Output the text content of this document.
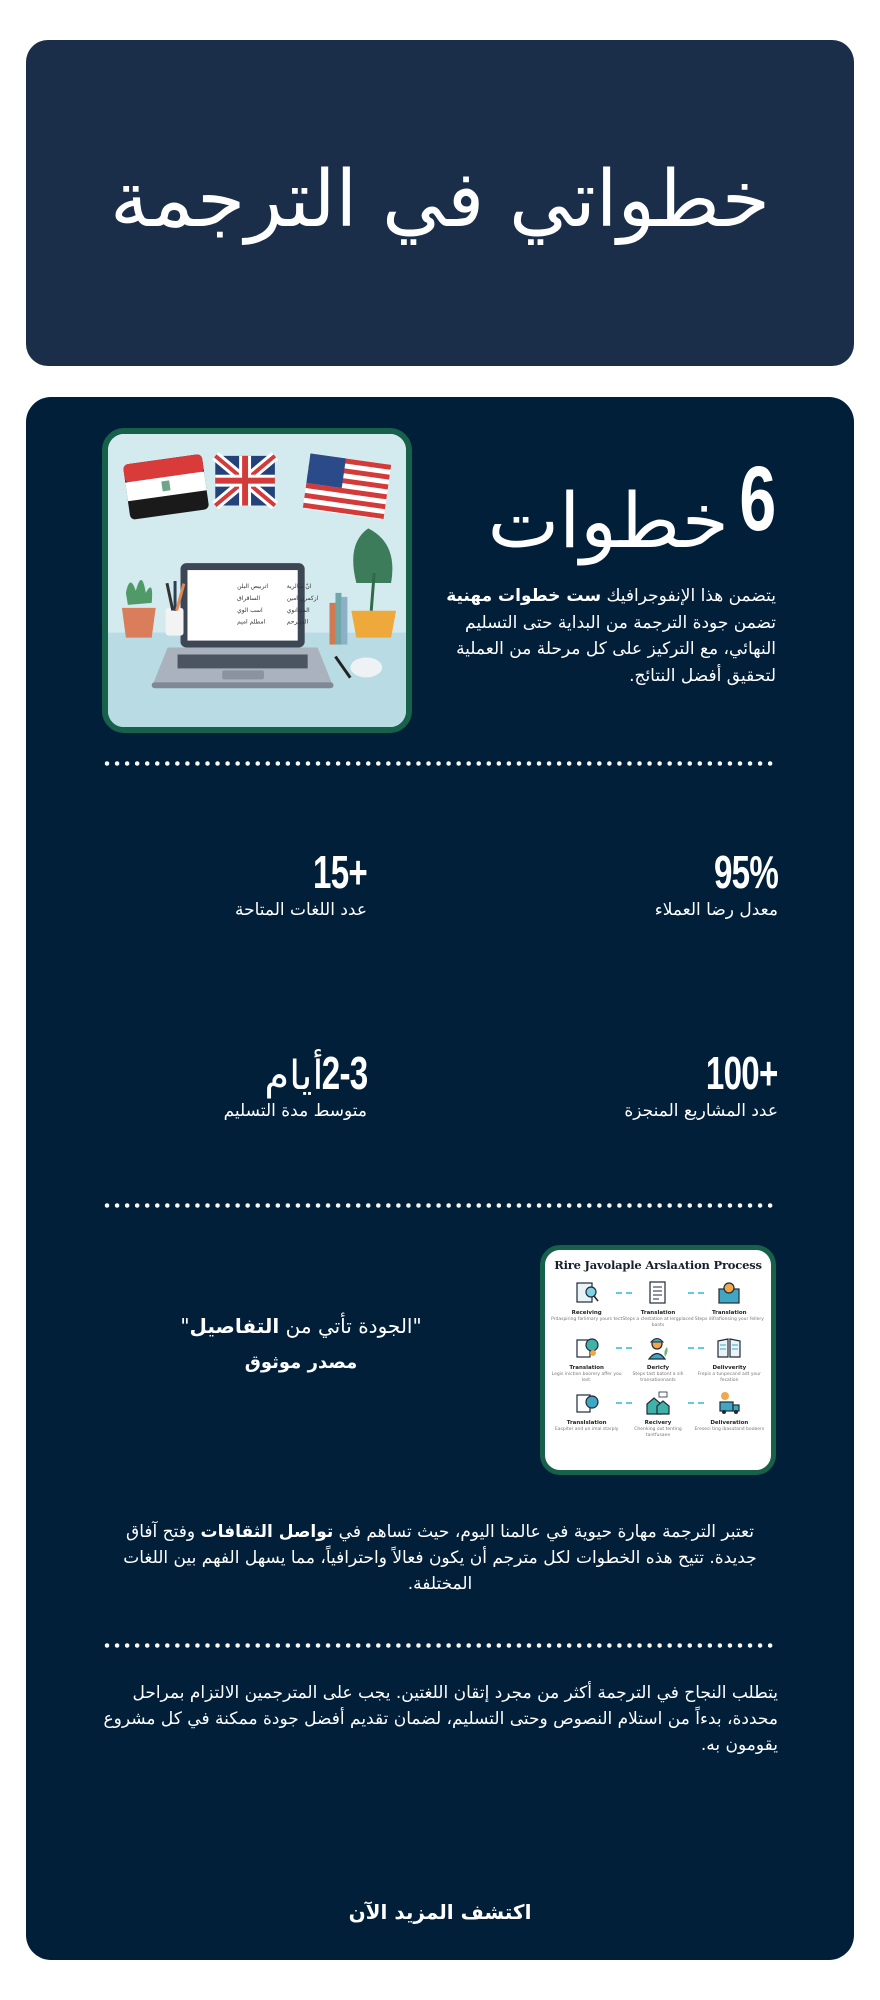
خطواتي في الترجمة
انّ مبالرية
اتربيص البلن
ازكمرن امين
الساقراق
المبدانوي
اسب الوي
الميبرحم
امطلم اميم
6
خطوات

يتضمن هذا الإنفوجرافيك ست خطوات مهنية تضمن جودة الترجمة من البداية حتى التسليم النهائي، مع التركيز على كل مرحلة من العملية لتحقيق أفضل النتائج.

95%
معدل رضا العملاء
+15
عدد اللغات المتاحة
+100
عدد المشاريع المنجزة
2-3أيام
متوسط مدة التسليم

"الجودة تأتي من التفاصيل"

مصدر موثوق

Rire Javolaple Arslaᴀtion Process
Receiving
Prdaspiring farlimary yours tect
Translation
Steps a clestation at lergplaced bants
Translation
Steps difrafionsing your fellery
Translation
Legis iniction boorery affer you lest.
Dericfy
Steps tast batont a sih transationnants
Delivverity
Frepis a tunpecand adt your fecation
Translslation
Easpiter and un imal starply
Recivery
Chenking out tenting tantfusaee
Deliveration
Ereseci ting ibasutand boobers

تعتبر الترجمة مهارة حيوية في عالمنا اليوم، حيث تساهم في تواصل الثقافات وفتح آفاق جديدة. تتيح هذه الخطوات لكل مترجم أن يكون فعالاً واحترافياً، مما يسهل الفهم بين اللغات المختلفة.

يتطلب النجاح في الترجمة أكثر من مجرد إتقان اللغتين. يجب على المترجمين الالتزام بمراحل محددة، بدءاً من استلام النصوص وحتى التسليم، لضمان تقديم أفضل جودة ممكنة في كل مشروع يقومون به.

اكتشف المزيد الآن
